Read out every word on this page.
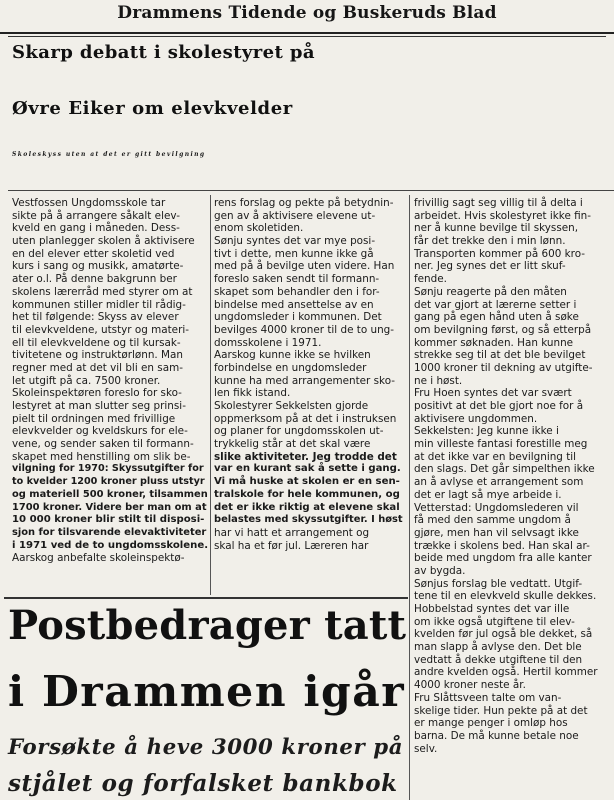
Drammens Tidende og Buskeruds Blad
Skarp debatt i skolestyret på
Øvre Eiker om elevkvelder
Skoleskyss uten at det er gitt bevilgning
Vestfossen Ungdomsskole tar
sikte på å arrangere såkalt elev-
kveld en gang i måneden. Dess-
uten planlegger skolen å aktivisere
en del elever etter skoletid ved
kurs i sang og musikk, amatørte-
ater o.l. På denne bakgrunn ber
skolens lærerråd med styrer om at
kommunen stiller midler til rådig-
het til følgende: Skyss av elever
til elevkveldene, utstyr og materi-
ell til elevkveldene og til kursak-
tivitetene og instruktørlønn. Man
regner med at det vil bli en sam-
let utgift på ca. 7500 kroner.
Skoleinspektøren foreslo for sko-
lestyret at man slutter seg prinsi-
pielt til ordningen med frivillige
elevkvelder og kveldskurs for ele-
vene, og sender saken til formann-
skapet med henstilling om slik be-
vilgning for 1970: Skyssutgifter for
to kvelder 1200 kroner pluss utstyr
og materiell 500 kroner, tilsammen
1700 kroner. Videre ber man om at
10 000 kroner blir stilt til disposi-
sjon for tilsvarende elevaktiviteter
i 1971 ved de to ungdomsskolene.
Aarskog anbefalte skoleinspektø-
rens forslag og pekte på betydnin-
gen av å aktivisere elevene ut-
enom skoletiden.
Sønju syntes det var mye posi-
tivt i dette, men kunne ikke gå
med på å bevilge uten videre. Han
foreslo saken sendt til formann-
skapet som behandler den i for-
bindelse med ansettelse av en
ungdomsleder i kommunen. Det
bevilges 4000 kroner til de to ung-
domsskolene i 1971.
Aarskog kunne ikke se hvilken
forbindelse en ungdomsleder
kunne ha med arrangementer sko-
len fikk istand.
Skolestyrer Sekkelsten gjorde
oppmerksom på at det i instruksen
og planer for ungdomsskolen ut-
trykkelig står at det skal være
slike aktiviteter. Jeg trodde det
var en kurant sak å sette i gang.
Vi må huske at skolen er en sen-
tralskole for hele kommunen, og
det er ikke riktig at elevene skal
belastes med skyssutgifter. I høst
har vi hatt et arrangement og
skal ha et før jul. Læreren har
frivillig sagt seg villig til å delta i
arbeidet. Hvis skolestyret ikke fin-
ner å kunne bevilge til skyssen,
får det trekke den i min lønn.
Transporten kommer på 600 kro-
ner. Jeg synes det er litt skuf-
fende.
Sønju reagerte på den måten
det var gjort at lærerne setter i
gang på egen hånd uten å søke
om bevilgning først, og så etterpå
kommer søknaden. Han kunne
strekke seg til at det ble bevilget
1000 kroner til dekning av utgifte-
ne i høst.
Fru Hoen syntes det var svært
positivt at det ble gjort noe for å
aktivisere ungdommen.
Sekkelsten: Jeg kunne ikke i
min villeste fantasi forestille meg
at det ikke var en bevilgning til
den slags. Det går simpelthen ikke
an å avlyse et arrangement som
det er lagt så mye arbeide i.
Vetterstad: Ungdomslederen vil
få med den samme ungdom å
gjøre, men han vil selvsagt ikke
trække i skolens bed. Han skal ar-
beide med ungdom fra alle kanter
av bygda.
Sønjus forslag ble vedtatt. Utgif-
tene til en elevkveld skulle dekkes.
Hobbelstad syntes det var ille
om ikke også utgiftene til elev-
kvelden før jul også ble dekket, så
man slapp å avlyse den. Det ble
vedtatt å dekke utgiftene til den
andre kvelden også. Hertil kommer
4000 kroner neste år.
Fru Slåttsveen talte om van-
skelige tider. Hun pekte på at det
er mange penger i omløp hos
barna. De må kunne betale noe
selv.
Postbedrager tatt
i Drammen igår
Forsøkte å heve 3000 kroner på
stjålet og forfalsket bankbok
